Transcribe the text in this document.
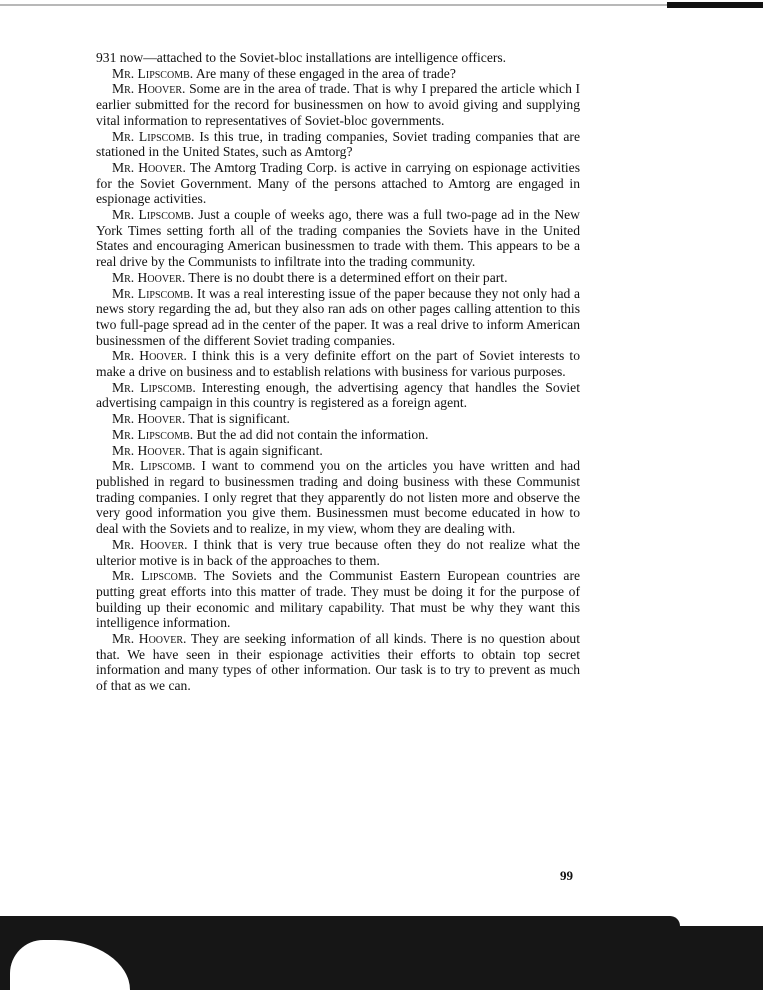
931 now—attached to the Soviet-bloc installations are intelligence officers.

Mr. Lipscomb. Are many of these engaged in the area of trade?

Mr. Hoover. Some are in the area of trade. That is why I prepared the article which I earlier submitted for the record for businessmen on how to avoid giving and supplying vital information to representatives of Soviet-bloc governments.

Mr. Lipscomb. Is this true, in trading companies, Soviet trading companies that are stationed in the United States, such as Amtorg?

Mr. Hoover. The Amtorg Trading Corp. is active in carrying on espionage activities for the Soviet Government. Many of the persons attached to Amtorg are engaged in espionage activities.

Mr. Lipscomb. Just a couple of weeks ago, there was a full two-page ad in the New York Times setting forth all of the trading companies the Soviets have in the United States and encouraging American businessmen to trade with them. This appears to be a real drive by the Communists to infiltrate into the trading community.

Mr. Hoover. There is no doubt there is a determined effort on their part.

Mr. Lipscomb. It was a real interesting issue of the paper because they not only had a news story regarding the ad, but they also ran ads on other pages calling attention to this two full-page spread ad in the center of the paper. It was a real drive to inform American businessmen of the different Soviet trading companies.

Mr. Hoover. I think this is a very definite effort on the part of Soviet interests to make a drive on business and to establish relations with business for various purposes.

Mr. Lipscomb. Interesting enough, the advertising agency that handles the Soviet advertising campaign in this country is registered as a foreign agent.

Mr. Hoover. That is significant.

Mr. Lipscomb. But the ad did not contain the information.

Mr. Hoover. That is again significant.

Mr. Lipscomb. I want to commend you on the articles you have written and had published in regard to businessmen trading and doing business with these Communist trading companies. I only regret that they apparently do not listen more and observe the very good information you give them. Businessmen must become educated in how to deal with the Soviets and to realize, in my view, whom they are dealing with.

Mr. Hoover. I think that is very true because often they do not realize what the ulterior motive is in back of the approaches to them.

Mr. Lipscomb. The Soviets and the Communist Eastern European countries are putting great efforts into this matter of trade. They must be doing it for the purpose of building up their economic and military capability. That must be why they want this intelligence information.

Mr. Hoover. They are seeking information of all kinds. There is no question about that. We have seen in their espionage activities their efforts to obtain top secret information and many types of other information. Our task is to try to prevent as much of that as we can.

99
